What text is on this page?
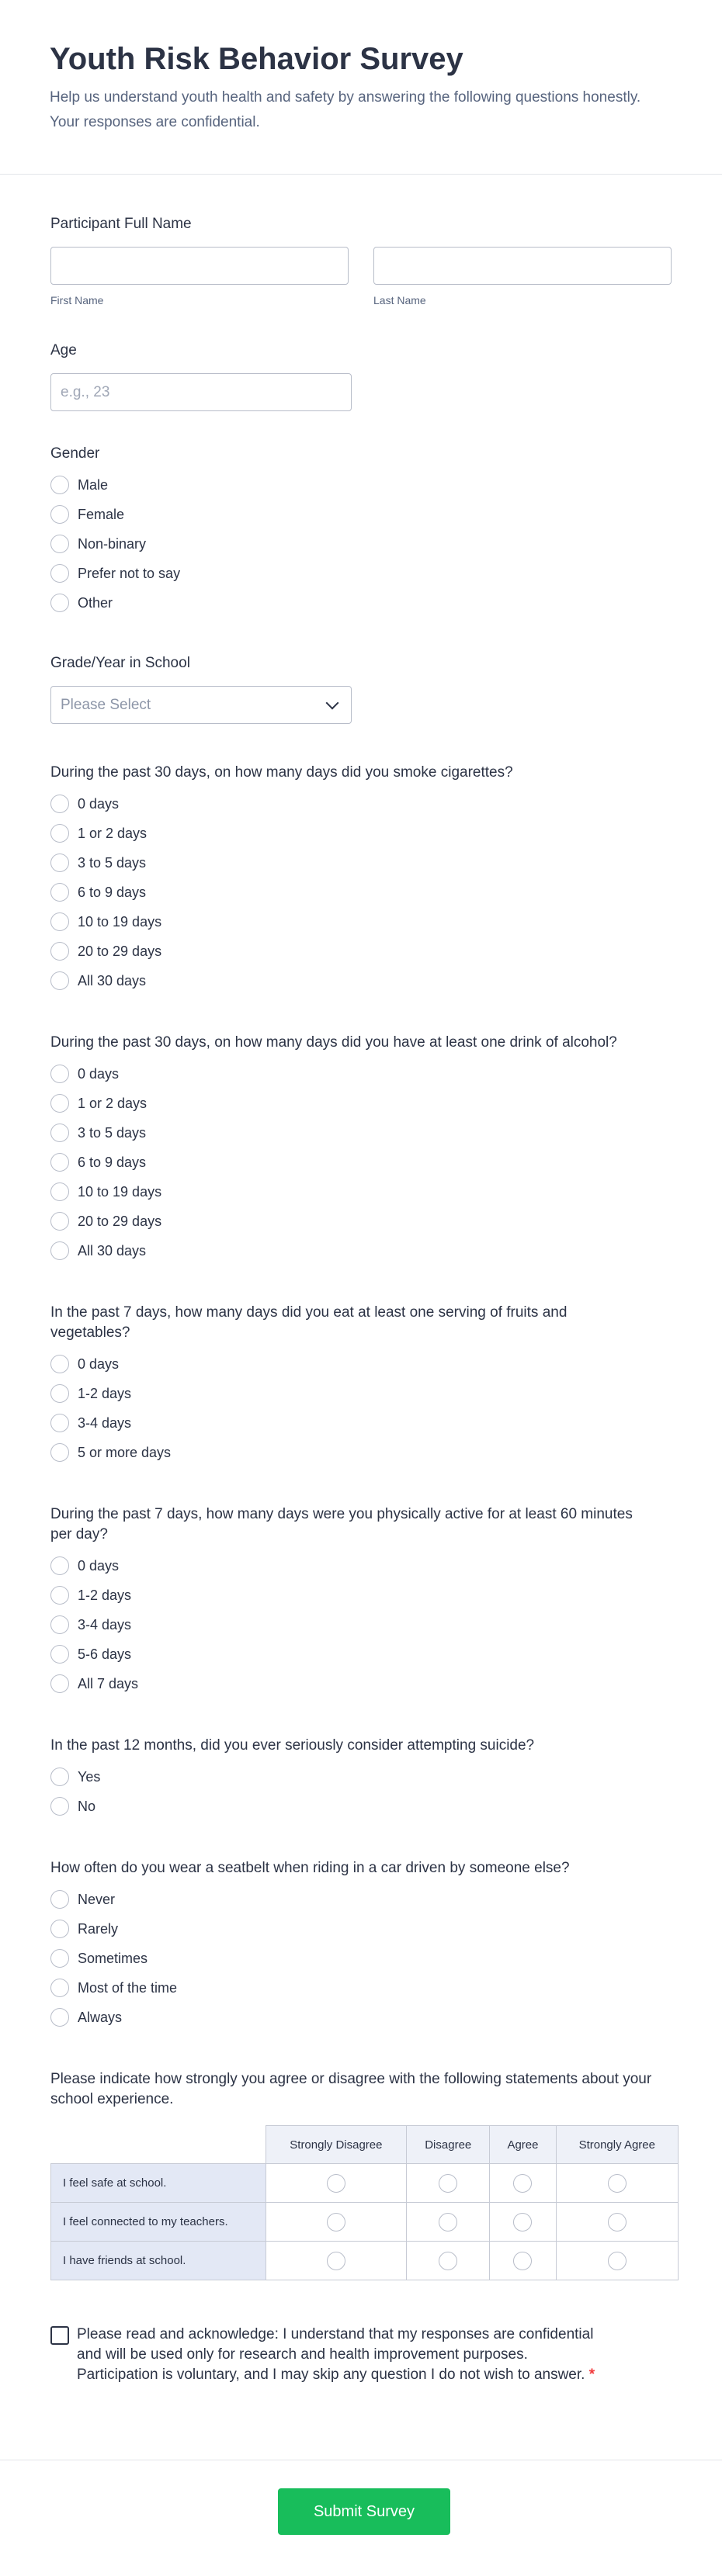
Youth Risk Behavior Survey
Help us understand youth health and safety by answering the following questions honestly. Your responses are confidential.
Participant Full Name
First Name	Last Name
Age
e.g., 23
Gender
Male
Female
Non-binary
Prefer not to say
Other
Grade/Year in School
Please Select
During the past 30 days, on how many days did you smoke cigarettes?
0 days
1 or 2 days
3 to 5 days
6 to 9 days
10 to 19 days
20 to 29 days
All 30 days
During the past 30 days, on how many days did you have at least one drink of alcohol?
0 days
1 or 2 days
3 to 5 days
6 to 9 days
10 to 19 days
20 to 29 days
All 30 days
In the past 7 days, how many days did you eat at least one serving of fruits and vegetables?
0 days
1-2 days
3-4 days
5 or more days
During the past 7 days, how many days were you physically active for at least 60 minutes per day?
0 days
1-2 days
3-4 days
5-6 days
All 7 days
In the past 12 months, did you ever seriously consider attempting suicide?
Yes
No
How often do you wear a seatbelt when riding in a car driven by someone else?
Never
Rarely
Sometimes
Most of the time
Always
Please indicate how strongly you agree or disagree with the following statements about your school experience.
	Strongly Disagree	Disagree	Agree	Strongly Agree
I feel safe at school.				
I feel connected to my teachers.				
I have friends at school.				
Please read and acknowledge: I understand that my responses are confidential and will be used only for research and health improvement purposes. Participation is voluntary, and I may skip any question I do not wish to answer. *
Submit Survey
